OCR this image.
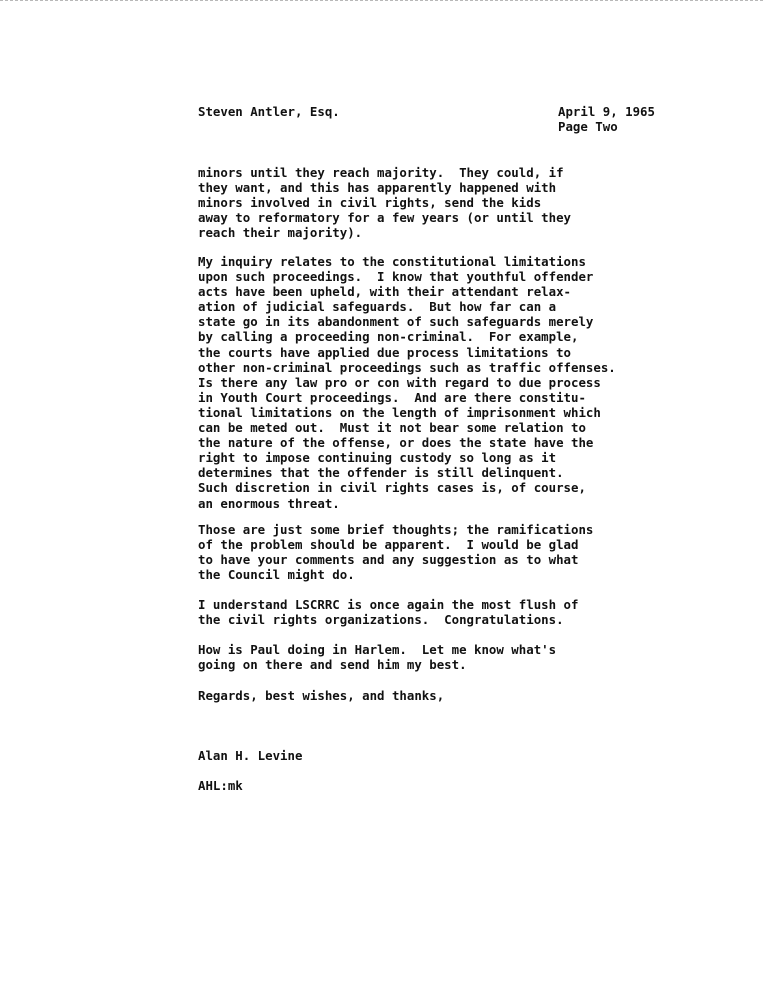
Steven Antler, Esq.	April 9, 1965
Page Two
minors until they reach majority.  They could, if
they want, and this has apparently happened with
minors involved in civil rights, send the kids
away to reformatory for a few years (or until they
reach their majority).
My inquiry relates to the constitutional limitations
upon such proceedings.  I know that youthful offender
acts have been upheld, with their attendant relax-
ation of judicial safeguards.  But how far can a
state go in its abandonment of such safeguards merely
by calling a proceeding non-criminal.  For example,
the courts have applied due process limitations to
other non-criminal proceedings such as traffic offenses.
Is there any law pro or con with regard to due process
in Youth Court proceedings.  And are there constitu-
tional limitations on the length of imprisonment which
can be meted out.  Must it not bear some relation to
the nature of the offense, or does the state have the
right to impose continuing custody so long as it
determines that the offender is still delinquent.
Such discretion in civil rights cases is, of course,
an enormous threat.
Those are just some brief thoughts; the ramifications
of the problem should be apparent.  I would be glad
to have your comments and any suggestion as to what
the Council might do.
I understand LSCRRC is once again the most flush of
the civil rights organizations.  Congratulations.
How is Paul doing in Harlem.  Let me know what's
going on there and send him my best.
Regards, best wishes, and thanks,
Alan H. Levine
AHL:mk
